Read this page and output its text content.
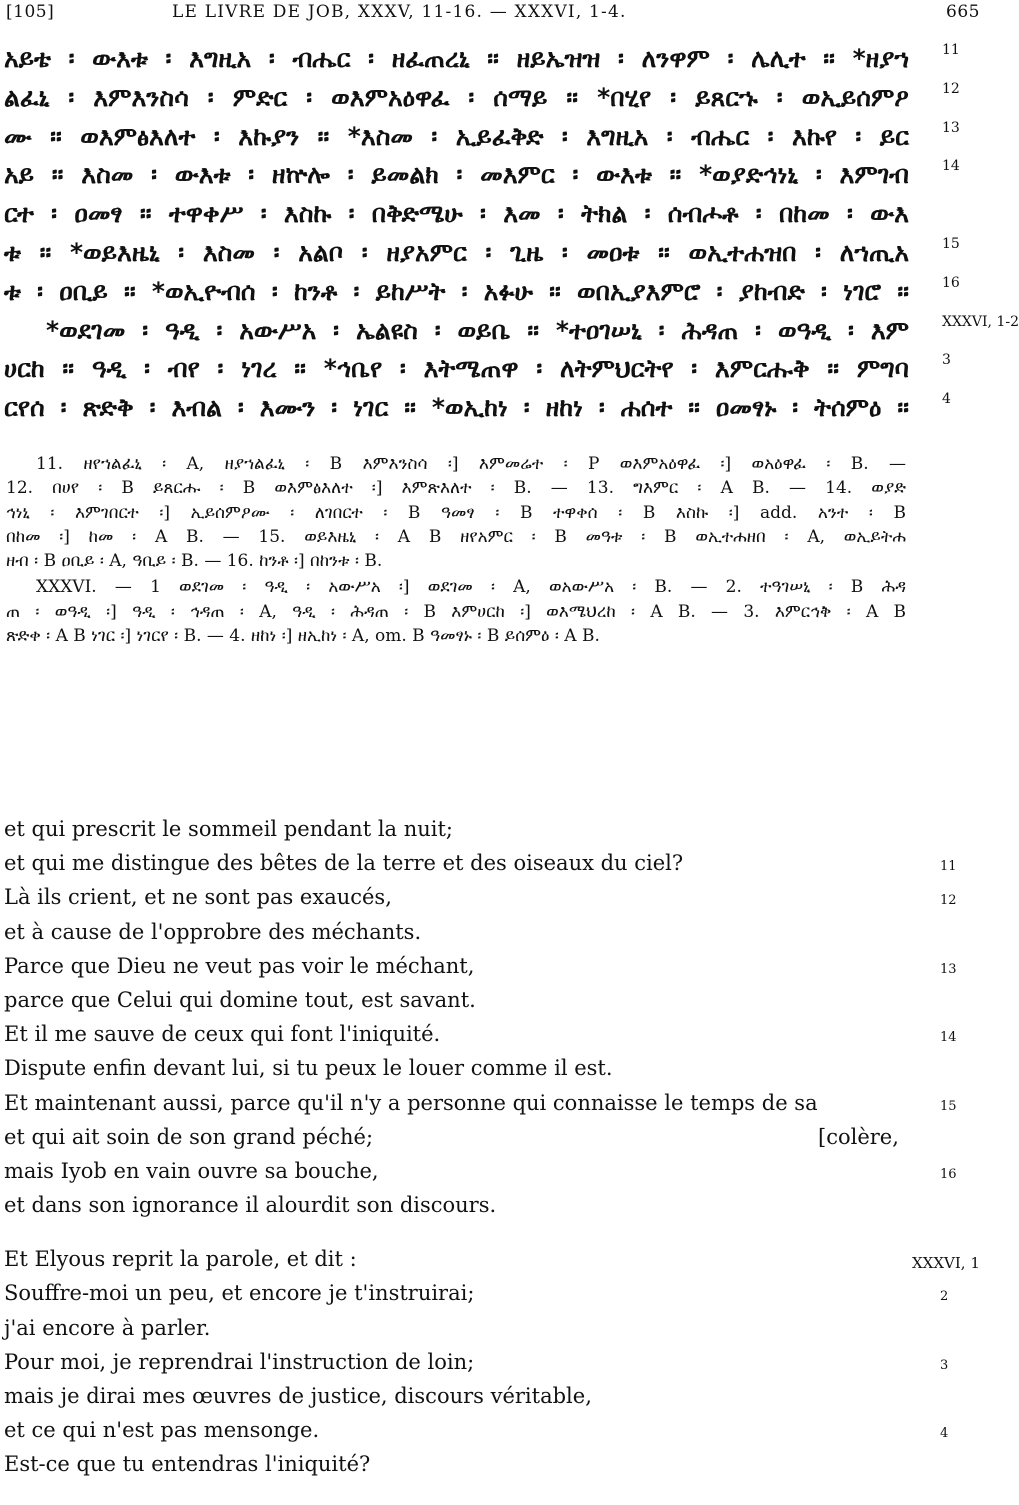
[105]	LE LIVRE DE JOB, XXXV, 11-16. — XXXVI, 1-4.	665
አይቴ ፡ ውእቱ ፡ እግዚአ ፡ ብሔር ፡ ዘፈጠረኒ ። ዘይኤዝዝ ፡ ለንዋም ፡ ሌሊተ ። *ዘያኀ 11
ልፈኒ ፡ እምእንስሳ ፡ ምድር ፡ ወእምአዕዋፈ ፡ ሰማይ ። *በሂየ ፡ ይጸርኁ ፡ ወኢይሰምዖ 12
ሙ ። ወእምፅእለተ ፡ እኩያን ። *እስመ ፡ ኢይፈቅድ ፡ እግዚአ ፡ ብሔር ፡ እኩየ ፡ ይር 13
አይ ። እስመ ፡ ውእቱ ፡ ዘኵሎ ፡ ይመልክ ፡ መእምር ፡ ውእቱ ። *ወያድኅነኒ ፡ እምገብ 14
ርተ ፡ ዐመፃ ። ተዋቀሥ ፡ እስኩ ፡ በቅድሜሁ ፡ እመ ፡ ትክል ፡ ሰብሖቶ ፡ በከመ ፡ ውእ
ቱ ። *ወይእዜኒ ፡ እስመ ፡ አልቦ ፡ ዘያአምር ፡ ጊዜ ፡ መዐቱ ። ወኢተሐዝበ ፡ ለኀጢአ 15
ቱ ፡ ዐቢይ ። *ወኢዮብሰ ፡ ከንቶ ፡ ይከሥት ፡ አፉሁ ። ወበኢያእምሮ ፡ ያከብድ ፡ ነገሮ ። 16
*ወደገመ ፡ ዓዲ ፡ አውሥአ ፡ ኤልዩስ ፡ ወይቤ ። *ተዐገሠኒ ፡ ሕዳጠ ፡ ወዓዲ ፡ እም XXXVI, 1-2
ሀርከ ። ዓዲ ፡ ብየ ፡ ነገረ ። *ኅቤየ ፡ እትሜጠዋ ፡ ለትምህርትየ ፡ እምርሑቅ ። ምግባ 3
ርየሰ ፡ ጽድቅ ፡ እብል ፡ እሙን ፡ ነገር ። *ወኢከነ ፡ ዘከነ ፡ ሐሰተ ። ዐመፃኑ ፡ ትሰምዕ ። 4

11. ዘየኀልፈኒ ፡ A, ዘያኀልፈኒ ፡ B እምእንስሳ ፡] እምመሬተ ፡ P ወእምአዕዋፈ ፡] ወአዕዋፈ ፡ B. —

12. በሀየ ፡ B ይጸርሑ ፡ B ወእምፅእለተ ፡] እምጽእለተ ፡ B. — 13. ግእምር ፡ A B. — 14. ወያድ

ኅነኒ ፡ እምገበርተ ፡] ኢይሰምዖሙ ፡ ለገበርተ ፡ B ዓመፃ ፡ B ተዋቀሰ ፡ B እስኩ ፡] add. አንተ ፡ B

በከመ ፡] ከመ ፡ A B. — 15. ወይእዜኒ ፡ A B ዘየአምር ፡ B መዓቱ ፡ B ወኢተሐዘበ ፡ A, ወኢይትሐ

ዘብ ፡ B ዐቢይ ፡ A, ዓቢይ ፡ B. — 16. ከንቶ ፡] በከንቱ ፡ B.

XXXVI. — 1 ወደገመ ፡ ዓዲ ፡ አውሥአ ፡] ወደገመ ፡ A, ወአውሥአ ፡ B. — 2. ተዓገሠኒ ፡ B ሕዳ

ጠ ፡ ወዓዲ ፡] ዓዲ ፡ ኅዳጠ ፡ A, ዓዲ ፡ ሕዳጠ ፡ B እምሀርከ ፡] ወእሜህረከ ፡ A B. — 3. እምርኅቅ ፡ A B

ጽድቀ ፡ A B ነገር ፡] ነገርየ ፡ B. — 4. ዘከነ ፡] ዘኢከነ ፡ A, om. B ዓመፃኑ ፡ B ይሰምዕ ፡ A B.

et qui prescrit le sommeil pendant la nuit;
et qui me distingue des bêtes de la terre et des oiseaux du ciel?	11
Là ils crient, et ne sont pas exaucés,	12
et à cause de l'opprobre des méchants.
Parce que Dieu ne veut pas voir le méchant,	13
parce que Celui qui domine tout, est savant.
Et il me sauve de ceux qui font l'iniquité.	14
Dispute enfin devant lui, si tu peux le louer comme il est.
Et maintenant aussi, parce qu'il n'y a personne qui connaisse le temps de sa	15
et qui ait soin de son grand péché;	[colère,
mais Iyob en vain ouvre sa bouche,	16
et dans son ignorance il alourdit son discours.
Et Elyous reprit la parole, et dit :	XXXVI, 1
Souffre-moi un peu, et encore je t'instruirai;	2
j'ai encore à parler.
Pour moi, je reprendrai l'instruction de loin;	3
mais je dirai mes œuvres de justice, discours véritable,
et ce qui n'est pas mensonge.	4
Est-ce que tu entendras l'iniquité?
